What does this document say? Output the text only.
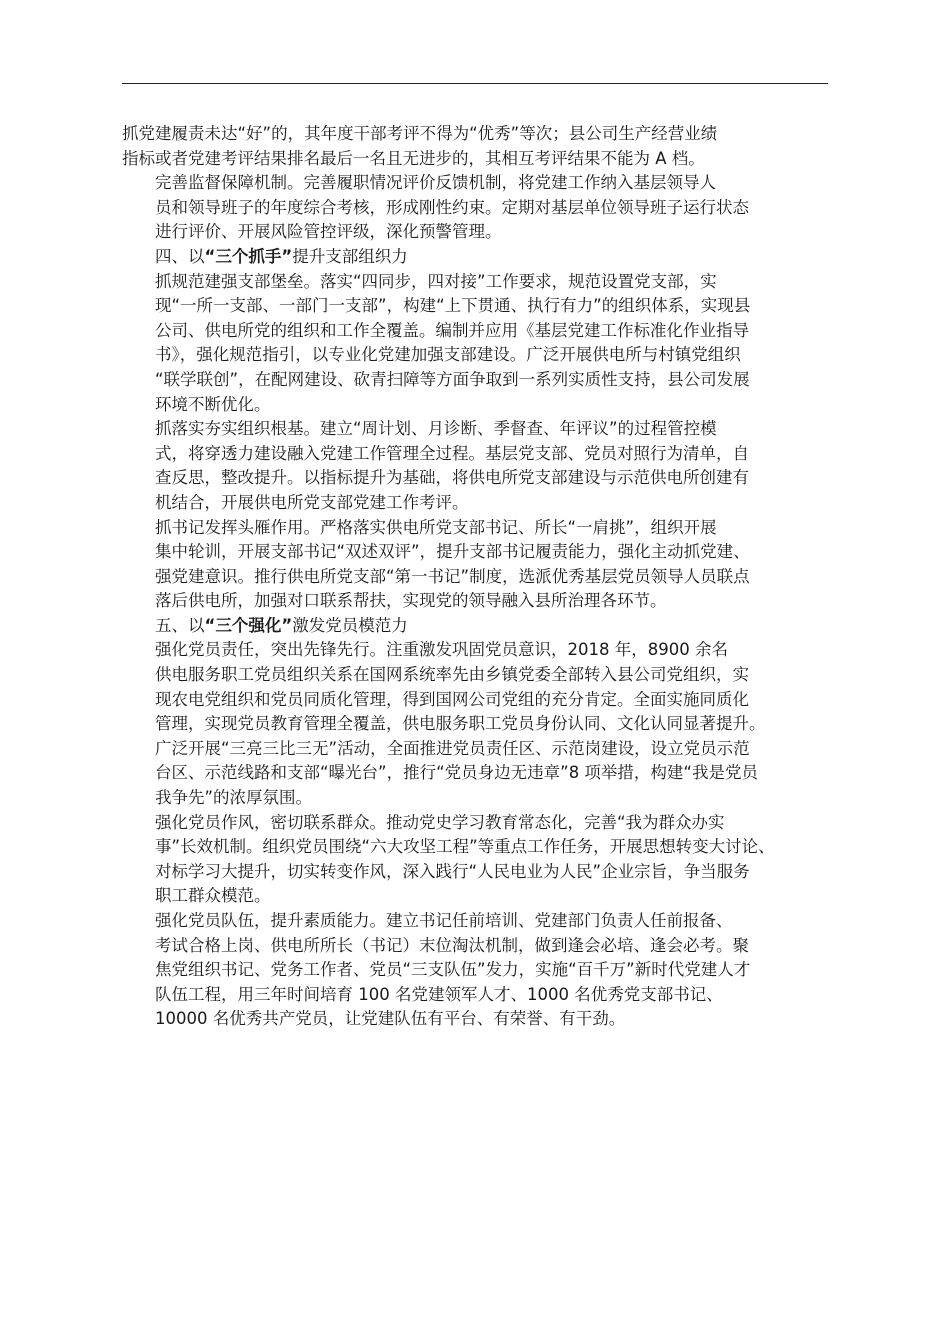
抓党建履责未达“好”的，其年度干部考评不得为“优秀”等次；县公司生产经营业绩
指标或者党建考评结果排名最后一名且无进步的，其相互考评结果不能为 A 档。

完善监督保障机制。完善履职情况评价反馈机制，将党建工作纳入基层领导人
员和领导班子的年度综合考核，形成刚性约束。定期对基层单位领导班子运行状态
进行评价、开展风险管控评级，深化预警管理。

四、以“三个抓手”提升支部组织力

抓规范建强支部堡垒。落实“四同步，四对接”工作要求，规范设置党支部，实
现“一所一支部、一部门一支部”，构建“上下贯通、执行有力”的组织体系，实现县
公司、供电所党的组织和工作全覆盖。编制并应用《基层党建工作标准化作业指导
书》，强化规范指引，以专业化党建加强支部建设。广泛开展供电所与村镇党组织
“联学联创”，在配网建设、砍青扫障等方面争取到一系列实质性支持，县公司发展
环境不断优化。

抓落实夯实组织根基。建立“周计划、月诊断、季督查、年评议”的过程管控模
式，将穿透力建设融入党建工作管理全过程。基层党支部、党员对照行为清单，自
查反思，整改提升。以指标提升为基础，将供电所党支部建设与示范供电所创建有
机结合，开展供电所党支部党建工作考评。

抓书记发挥头雁作用。严格落实供电所党支部书记、所长“一肩挑”，组织开展
集中轮训，开展支部书记“双述双评”，提升支部书记履责能力，强化主动抓党建、
强党建意识。推行供电所党支部“第一书记”制度，选派优秀基层党员领导人员联点
落后供电所，加强对口联系帮扶，实现党的领导融入县所治理各环节。

五、以“三个强化”激发党员模范力

强化党员责任，突出先锋先行。注重激发巩固党员意识，2018 年，8900 余名
供电服务职工党员组织关系在国网系统率先由乡镇党委全部转入县公司党组织，实
现农电党组织和党员同质化管理，得到国网公司党组的充分肯定。全面实施同质化
管理，实现党员教育管理全覆盖，供电服务职工党员身份认同、文化认同显著提升。
广泛开展“三亮三比三无”活动，全面推进党员责任区、示范岗建设，设立党员示范
台区、示范线路和支部“曝光台”，推行“党员身边无违章”8 项举措，构建“我是党员
我争先”的浓厚氛围。

强化党员作风，密切联系群众。推动党史学习教育常态化，完善“我为群众办实
事”长效机制。组织党员围绕“六大攻坚工程”等重点工作任务，开展思想转变大讨论、
对标学习大提升，切实转变作风，深入践行“人民电业为人民”企业宗旨，争当服务
职工群众模范。

强化党员队伍，提升素质能力。建立书记任前培训、党建部门负责人任前报备、
考试合格上岗、供电所所长（书记）末位淘汰机制，做到逢会必培、逢会必考。聚
焦党组织书记、党务工作者、党员“三支队伍”发力，实施“百千万”新时代党建人才
队伍工程，用三年时间培育 100 名党建领军人才、1000 名优秀党支部书记、
10000 名优秀共产党员，让党建队伍有平台、有荣誉、有干劲。
